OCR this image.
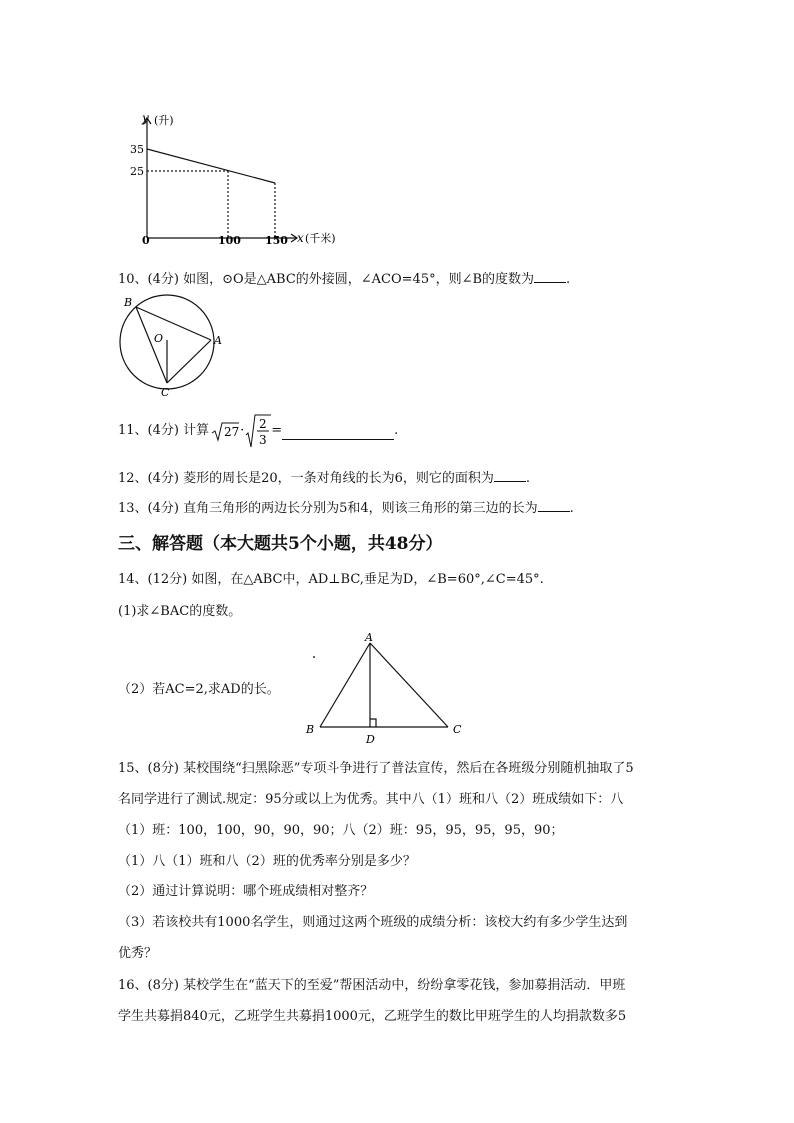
y (升)
35
25
0	100 150 x (千米)
10、(4分) 如图，⊙O是△ABC的外接圆，∠ACO=45°，则∠B的度数为 .
B
O	A
C
11、(4分) 计算 27 · 2
3
=	.
12、(4分) 菱形的周长是20，一条对角线的长为6，则它的面积为 .
13、(4分) 直角三角形的两边长分别为5和4，则该三角形的第三边的长为 .
三、解答题（本大题共5个小题，共48分）
14、(12分) 如图，在△ABC中，AD⊥BC,垂足为D，∠B=60°,∠C=45°.
(1)求∠BAC的度数。
（2）若AC=2,求AD的长。
A
B	C
D
15、(8分) 某校围绕“扫黑除恶”专项斗争进行了普法宣传，然后在各班级分别随机抽取了5
名同学进行了测试.规定：95分或以上为优秀。其中八（1）班和八（2）班成绩如下：八
（1）班：100，100，90，90，90；八（2）班：95，95，95，95，90；
（1）八（1）班和八（2）班的优秀率分别是多少？
（2）通过计算说明：哪个班成绩相对整齐？
（3）若该校共有1000名学生，则通过这两个班级的成绩分析：该校大约有多少学生达到
优秀？
16、(8分) 某校学生在“蓝天下的至爱”帮困活动中，纷纷拿零花钱，参加募捐活动．甲班
学生共募捐840元，乙班学生共募捐1000元，乙班学生的数比甲班学生的人均捐款数多5
